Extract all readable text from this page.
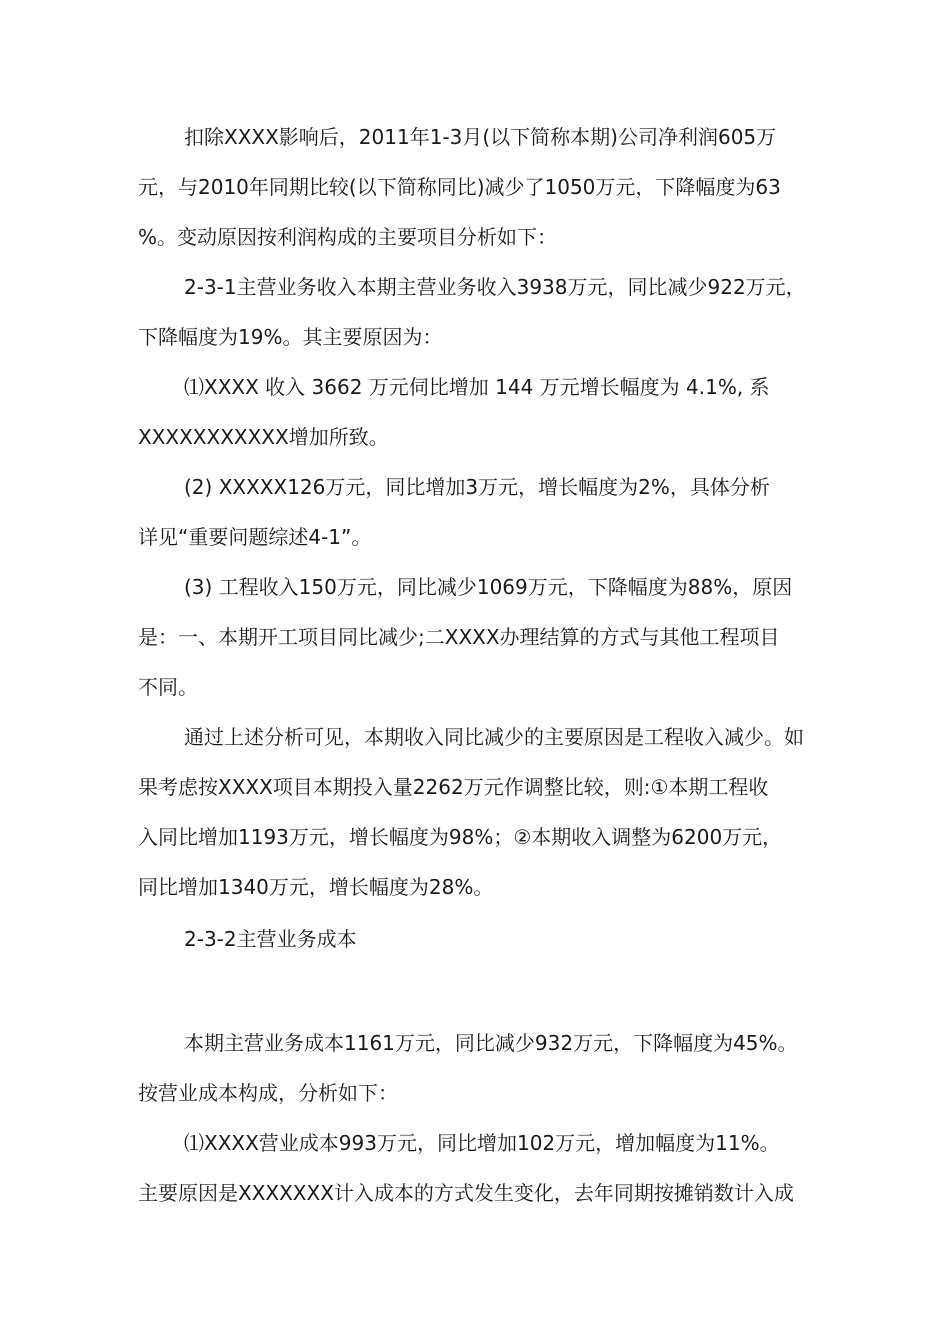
扣除XXXX影响后，2011年1-3月(以下简称本期)公司净利润605万

元，与2010年同期比较(以下简称同比)减少了1050万元，下降幅度为63

%。变动原因按利润构成的主要项目分析如下：

2-3-1主营业务收入本期主营业务收入3938万元，同比减少922万元，

下降幅度为19%。其主要原因为：

⑴XXXX 收入 3662 万元伺比增加 144 万元增长幅度为 4.1%, 系

XXXXXXXXXXX增加所致。

(2) XXXXX126万元，同比增加3万元，增长幅度为2%，具体分析

详见“重要问题综述4-1”。

(3) 工程收入150万元，同比减少1069万元，下降幅度为88%，原因

是：一、本期开工项目同比减少;二XXXX办理结算的方式与其他工程项目

不同。

通过上述分析可见，本期收入同比减少的主要原因是工程收入减少。如

果考虑按XXXX项目本期投入量2262万元作调整比较，则:①本期工程收

入同比增加1193万元，增长幅度为98%；②本期收入调整为6200万元，

同比增加1340万元，增长幅度为28%。

2-3-2主营业务成本

本期主营业务成本1161万元，同比减少932万元，下降幅度为45%。

按营业成本构成，分析如下：

⑴XXXX营业成本993万元，同比增加102万元，增加幅度为11%。

主要原因是XXXXXXX计入成本的方式发生变化，去年同期按摊销数计入成
